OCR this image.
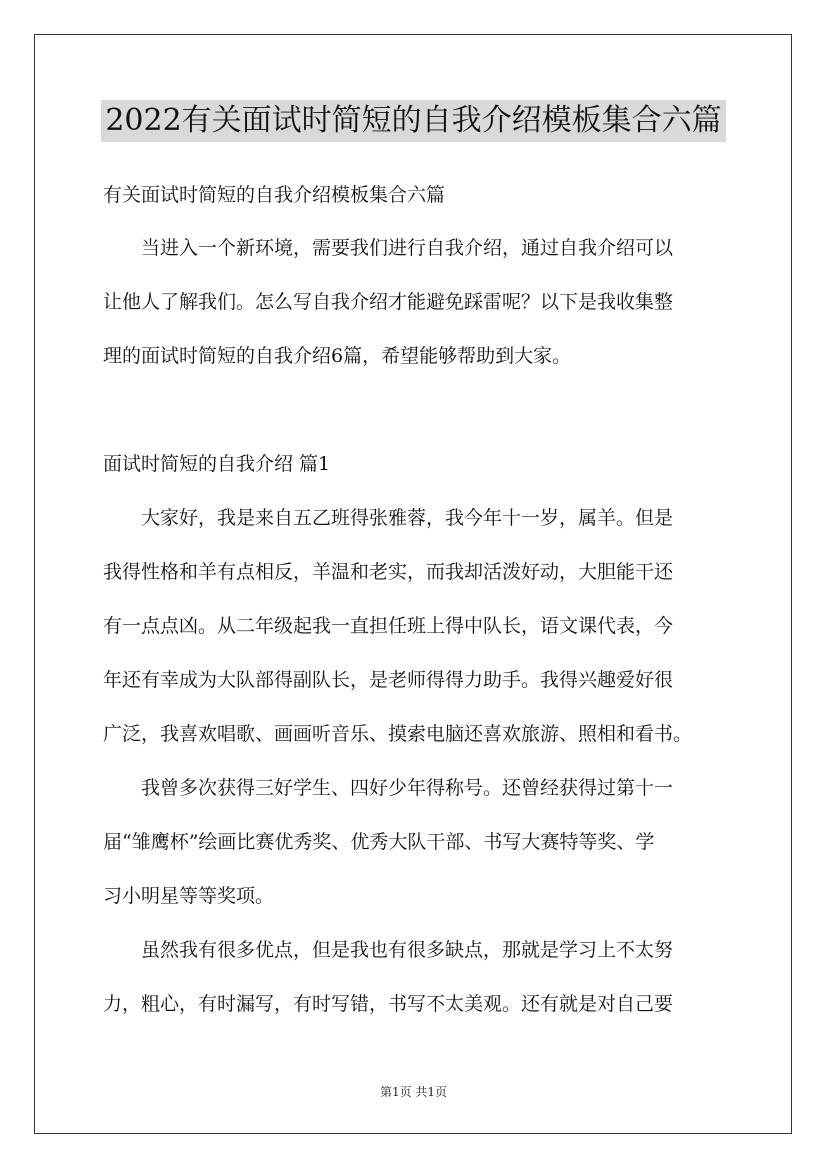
2022有关面试时简短的自我介绍模板集合六篇
有关面试时简短的自我介绍模板集合六篇
　　当进入一个新环境，需要我们进行自我介绍，通过自我介绍可以
让他人了解我们。怎么写自我介绍才能避免踩雷呢？以下是我收集整
理的面试时简短的自我介绍6篇，希望能够帮助到大家。
面试时简短的自我介绍 篇1
　　大家好，我是来自五乙班得张雅蓉，我今年十一岁，属羊。但是
我得性格和羊有点相反，羊温和老实，而我却活泼好动，大胆能干还
有一点点凶。从二年级起我一直担任班上得中队长，语文课代表，今
年还有幸成为大队部得副队长，是老师得得力助手。我得兴趣爱好很
广泛，我喜欢唱歌、画画听音乐、摸索电脑还喜欢旅游、照相和看书。
　　我曾多次获得三好学生、四好少年得称号。还曾经获得过第十一
届“雏鹰杯”绘画比赛优秀奖、优秀大队干部、书写大赛特等奖、学
习小明星等等奖项。
　　虽然我有很多优点，但是我也有很多缺点，那就是学习上不太努
力，粗心，有时漏写，有时写错，书写不太美观。还有就是对自己要
第1页 共1页
